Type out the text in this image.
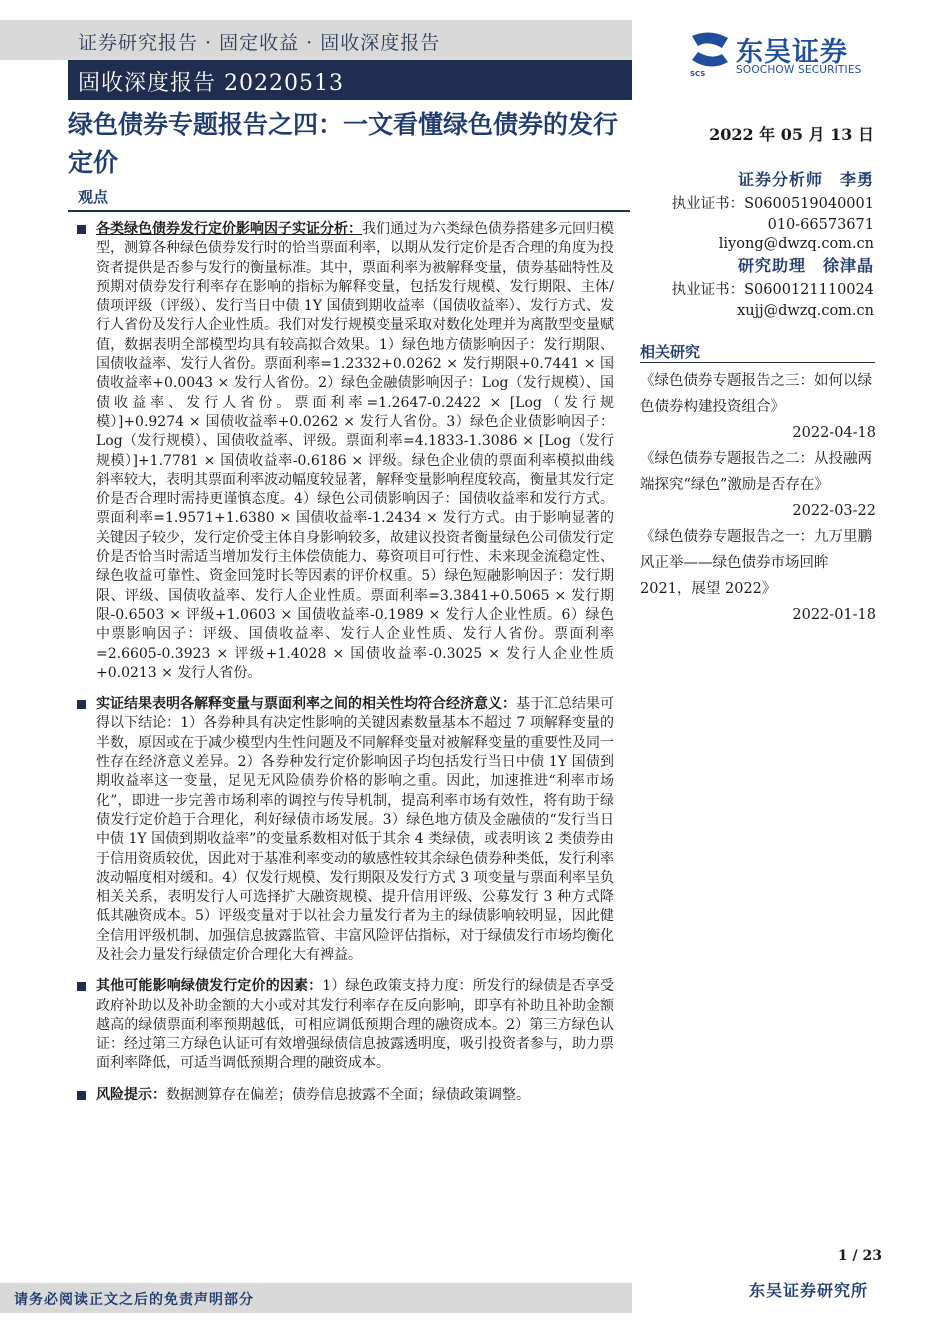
证券研究报告 · 固定收益 · 固收深度报告
固收深度报告 20220513
东吴证券
SCS	SOOCHOW SECURITIES
绿色债券专题报告之四：一文看懂绿色债券的发行定价
2022 年 05 月 13 日
观点
证券分析师　李勇
执业证书：S0600519040001
010-66573671
liyong@dwzq.com.cn
研究助理　徐津晶
执业证书：S0600121110024
xujj@dwzq.com.cn
相关研究
《绿色债券专题报告之三：如何以绿色债券构建投资组合》
2022-04-18
《绿色债券专题报告之二：从投融两端探究“绿色”激励是否存在》
2022-03-22
《绿色债券专题报告之一：九万里鹏风正举——绿色债券市场回眸 2021，展望 2022》
2022-01-18
各类绿色债券发行定价影响因子实证分析：我们通过为六类绿色债券搭建多元回归模型，测算各种绿色债券发行时的恰当票面利率，以期从发行定价是否合理的角度为投资者提供是否参与发行的衡量标准。其中，票面利率为被解释变量，债券基础特性及预期对债券发行利率存在影响的指标为解释变量，包括发行规模、发行期限、主体/债项评级（评级）、发行当日中债 1Y 国债到期收益率（国债收益率）、发行方式、发行人省份及发行人企业性质。我们对发行规模变量采取对数化处理并为离散型变量赋值，数据表明全部模型均具有较高拟合效果。1）绿色地方债影响因子：发行期限、国债收益率、发行人省份。票面利率=1.2332+0.0262 × 发行期限+0.7441 × 国债收益率+0.0043 × 发行人省份。2）绿色金融债影响因子：Log（发行规模）、国债收益率、发行人省份。票面利率=1.2647-0.2422 × [Log（发行规模）]+0.9274 × 国债收益率+0.0262 × 发行人省份。3）绿色企业债影响因子：Log（发行规模）、国债收益率、评级。票面利率=4.1833-1.3086 × [Log（发行规模）]+1.7781 × 国债收益率-0.6186 × 评级。绿色企业债的票面利率模拟曲线斜率较大，表明其票面利率波动幅度较显著，解释变量影响程度较高，衡量其发行定价是否合理时需持更谨慎态度。4）绿色公司债影响因子：国债收益率和发行方式。票面利率=1.9571+1.6380 × 国债收益率-1.2434 × 发行方式。由于影响显著的关键因子较少，发行定价受主体自身影响较多，故建议投资者衡量绿色公司债发行定价是否恰当时需适当增加发行主体偿债能力、募资项目可行性、未来现金流稳定性、绿色收益可靠性、资金回笼时长等因素的评价权重。5）绿色短融影响因子：发行期限、评级、国债收益率、发行人企业性质。票面利率=3.3841+0.5065 × 发行期限-0.6503 × 评级+1.0603 × 国债收益率-0.1989 × 发行人企业性质。6）绿色中票影响因子：评级、国债收益率、发行人企业性质、发行人省份。票面利率=2.6605-0.3923 × 评级+1.4028 × 国债收益率-0.3025 × 发行人企业性质+0.0213 × 发行人省份。
实证结果表明各解释变量与票面利率之间的相关性均符合经济意义：基于汇总结果可得以下结论：1）各券种具有决定性影响的关键因素数量基本不超过 7 项解释变量的半数，原因或在于减少模型内生性问题及不同解释变量对被解释变量的重要性及同一性存在经济意义差异。2）各券种发行定价影响因子均包括发行当日中债 1Y 国债到期收益率这一变量，足见无风险债券价格的影响之重。因此，加速推进“利率市场化”，即进一步完善市场利率的调控与传导机制，提高利率市场有效性，将有助于绿债发行定价趋于合理化，利好绿债市场发展。3）绿色地方债及金融债的“发行当日中债 1Y 国债到期收益率”的变量系数相对低于其余 4 类绿债，或表明该 2 类债券由于信用资质较优，因此对于基准利率变动的敏感性较其余绿色债券种类低，发行利率波动幅度相对缓和。4）仅发行规模、发行期限及发行方式 3 项变量与票面利率呈负相关关系，表明发行人可选择扩大融资规模、提升信用评级、公募发行 3 种方式降低其融资成本。5）评级变量对于以社会力量发行者为主的绿债影响较明显，因此健全信用评级机制、加强信息披露监管、丰富风险评估指标，对于绿债发行市场均衡化及社会力量发行绿债定价合理化大有裨益。
其他可能影响绿债发行定价的因素：1）绿色政策支持力度：所发行的绿债是否享受政府补助以及补助金额的大小或对其发行利率存在反向影响，即享有补助且补助金额越高的绿债票面利率预期越低，可相应调低预期合理的融资成本。2）第三方绿色认证：经过第三方绿色认证可有效增强绿债信息披露透明度，吸引投资者参与，助力票面利率降低，可适当调低预期合理的融资成本。
风险提示：数据测算存在偏差；债券信息披露不全面；绿债政策调整。
1 / 23
请务必阅读正文之后的免责声明部分	东吴证券研究所
